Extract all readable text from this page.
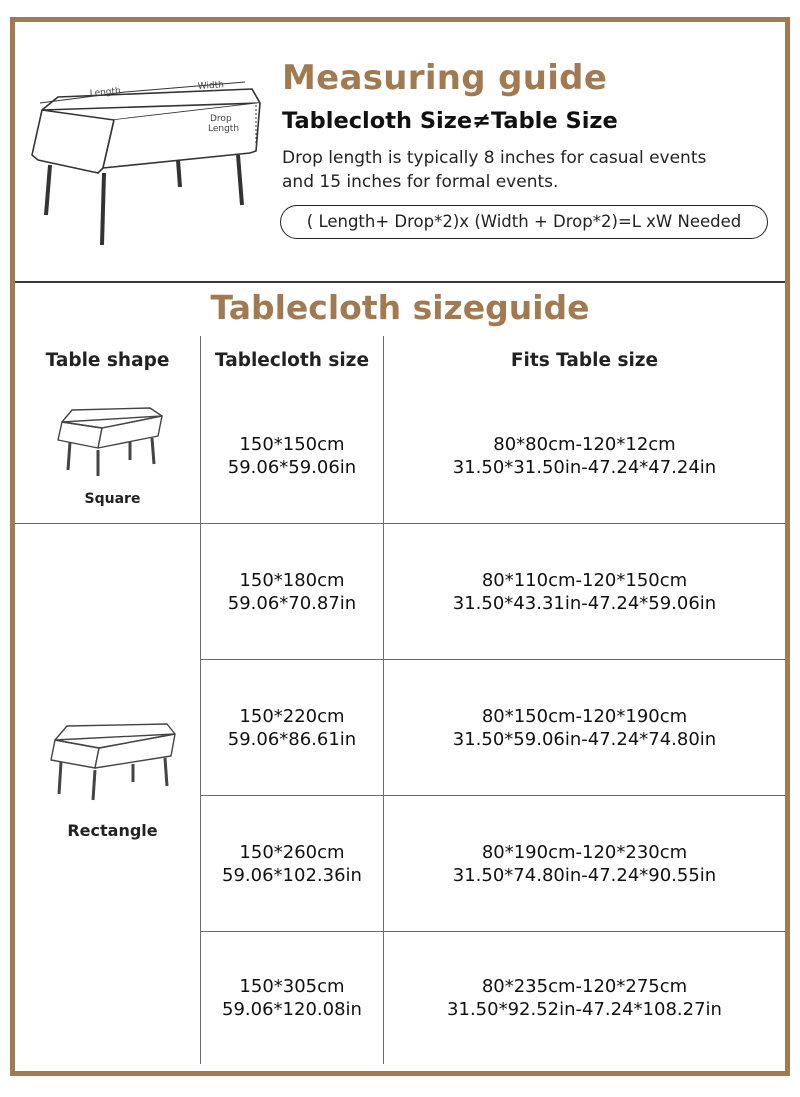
Length
Width
Drop
Length
Measuring guide
Tablecloth Size≠Table Size

Drop length is typically 8 inches for casual events
and 15 inches for formal events.

( Length+ Drop*2)x (Width + Drop*2)=L xW Needed
Tablecloth sizeguide
Table shape	Tablecloth size	Fits Table size
Square
Rectangle
150*150cm
59.06*59.06in
80*80cm-120*12cm
31.50*31.50in-47.24*47.24in
150*180cm
59.06*70.87in
80*110cm-120*150cm
31.50*43.31in-47.24*59.06in
150*220cm
59.06*86.61in
80*150cm-120*190cm
31.50*59.06in-47.24*74.80in
150*260cm
59.06*102.36in
80*190cm-120*230cm
31.50*74.80in-47.24*90.55in
150*305cm
59.06*120.08in
80*235cm-120*275cm
31.50*92.52in-47.24*108.27in
